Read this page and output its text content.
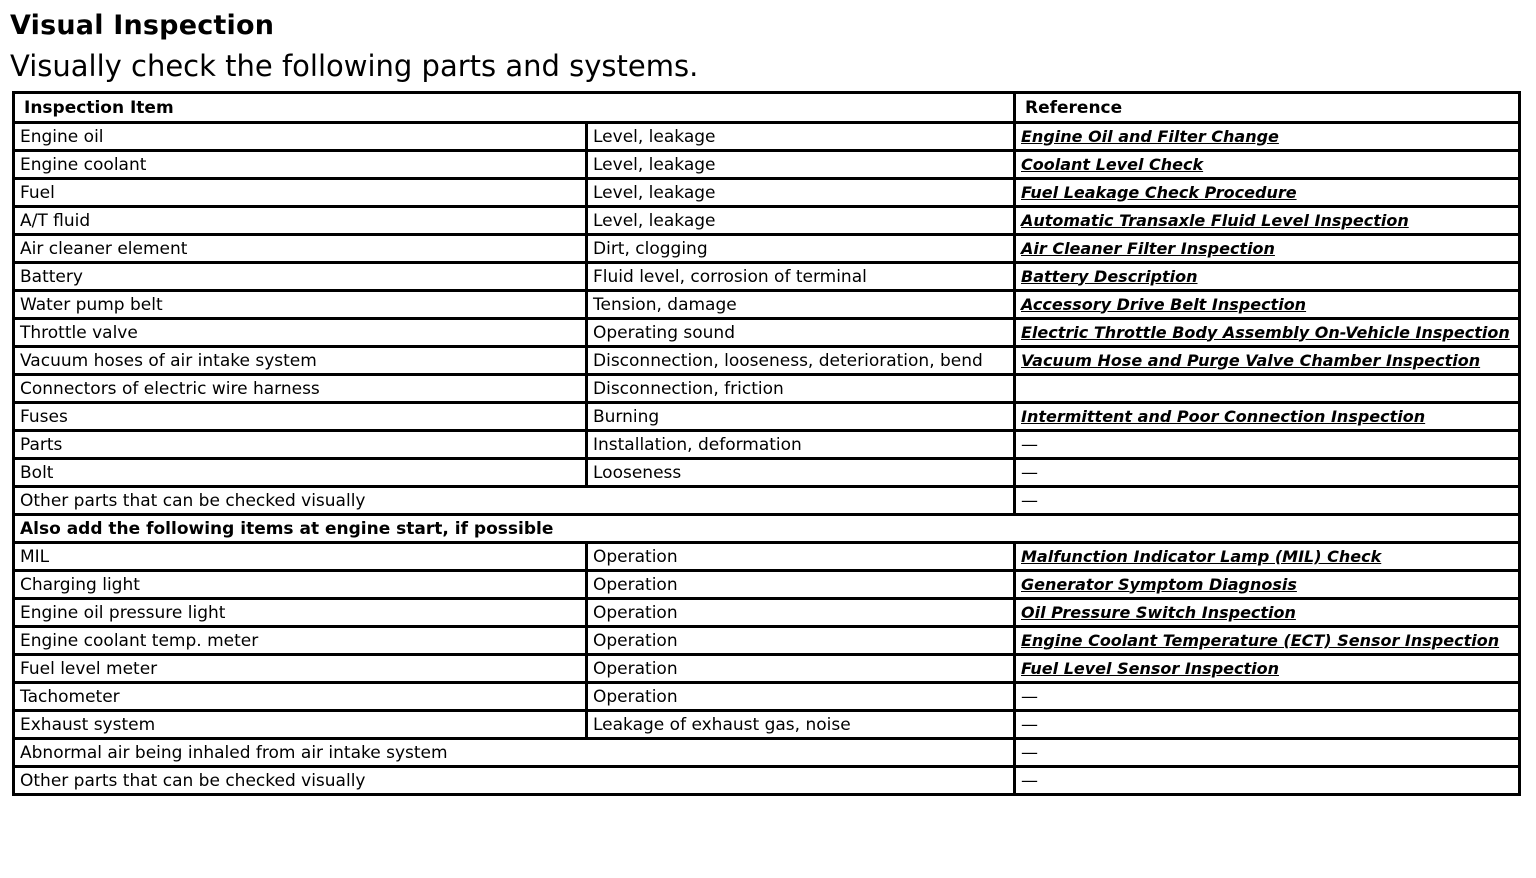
Visual Inspection

Visually check the following parts and systems.

Inspection Item		Reference
Engine oil	Level, leakage	Engine Oil and Filter Change
Engine coolant	Level, leakage	Coolant Level Check
Fuel	Level, leakage	Fuel Leakage Check Procedure
A/T fluid	Level, leakage	Automatic Transaxle Fluid Level Inspection
Air cleaner element	Dirt, clogging	Air Cleaner Filter Inspection
Battery	Fluid level, corrosion of terminal	Battery Description
Water pump belt	Tension, damage	Accessory Drive Belt Inspection
Throttle valve	Operating sound	Electric Throttle Body Assembly On-Vehicle Inspection
Vacuum hoses of air intake system	Disconnection, looseness, deterioration, bend	Vacuum Hose and Purge Valve Chamber Inspection
Connectors of electric wire harness	Disconnection, friction	
Fuses	Burning	Intermittent and Poor Connection Inspection
Parts	Installation, deformation	—
Bolt	Looseness	—
Other parts that can be checked visually		—
Also add the following items at engine start, if possible		
MIL	Operation	Malfunction Indicator Lamp (MIL) Check
Charging light	Operation	Generator Symptom Diagnosis
Engine oil pressure light	Operation	Oil Pressure Switch Inspection
Engine coolant temp. meter	Operation	Engine Coolant Temperature (ECT) Sensor Inspection
Fuel level meter	Operation	Fuel Level Sensor Inspection
Tachometer	Operation	—
Exhaust system	Leakage of exhaust gas, noise	—
Abnormal air being inhaled from air intake system		—
Other parts that can be checked visually		—
